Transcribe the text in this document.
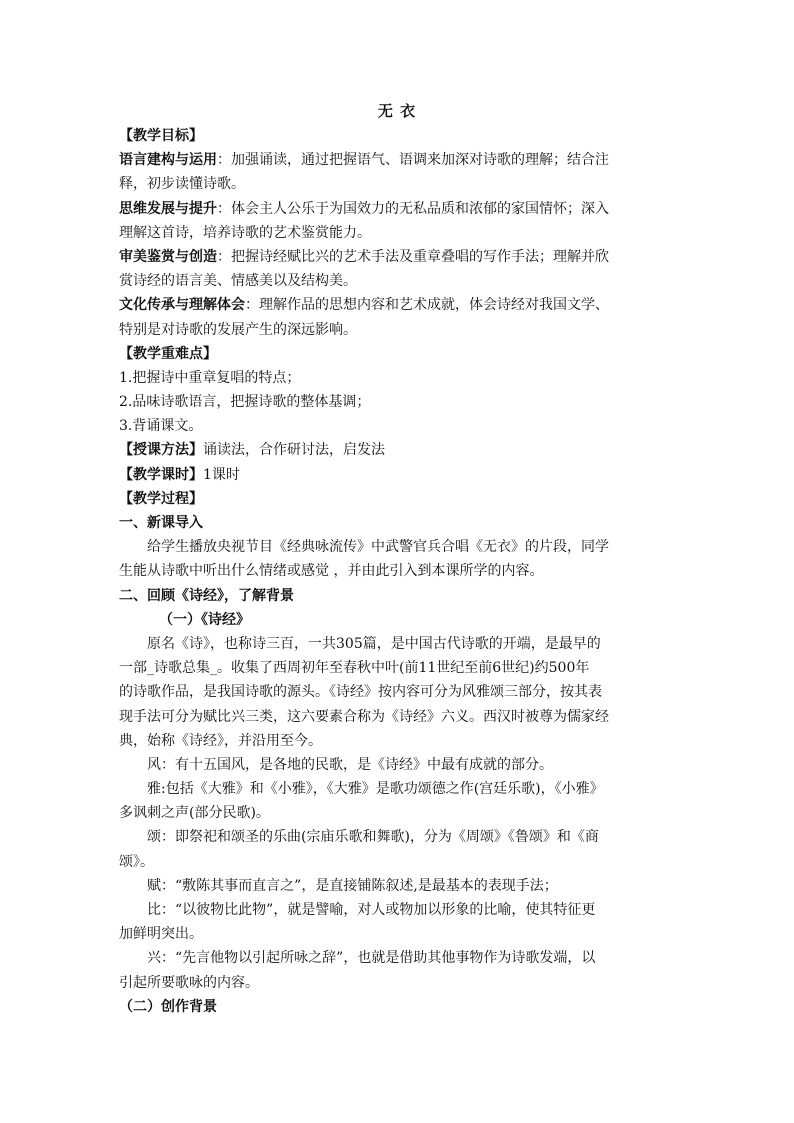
无 衣

【教学目标】

语言建构与运用：加强诵读，通过把握语气、语调来加深对诗歌的理解；结合注

释，初步读懂诗歌。

思维发展与提升：体会主人公乐于为国效力的无私品质和浓郁的家国情怀；深入

理解这首诗，培养诗歌的艺术鉴赏能力。

审美鉴赏与创造：把握诗经赋比兴的艺术手法及重章叠唱的写作手法；理解并欣

赏诗经的语言美、情感美以及结构美。

文化传承与理解体会：理解作品的思想内容和艺术成就，体会诗经对我国文学、

特别是对诗歌的发展产生的深远影响。

【教学重难点】

1.把握诗中重章复唱的特点；

2.品味诗歌语言，把握诗歌的整体基调；

3.背诵课文。

【授课方法】诵读法，合作研讨法，启发法

【教学课时】1课时

【教学过程】

一、新课导入

给学生播放央视节目《经典咏流传》中武警官兵合唱《无衣》的片段，同学

生能从诗歌中听出什么情绪或感觉 ，并由此引入到本课所学的内容。

二、回顾《诗经》，了解背景

（一）《诗经》

原名《诗》，也称诗三百，一共305篇，是中国古代诗歌的开端，是最早的

一部_诗歌总集_。收集了西周初年至春秋中叶(前11世纪至前6世纪)约500年

的诗歌作品，是我国诗歌的源头。《诗经》按内容可分为风雅颂三部分，按其表

现手法可分为赋比兴三类，这六要素合称为《诗经》六义。西汉时被尊为儒家经

典，始称《诗经》，并沿用至今。

风：有十五国风，是各地的民歌，是《诗经》中最有成就的部分。

雅:包括《大雅》和《小雅》，《大雅》是歌功颂德之作(宫廷乐歌)，《小雅》

多讽刺之声(部分民歌)。

颂：即祭祀和颂圣的乐曲(宗庙乐歌和舞歌)，分为《周颂》《鲁颂》和《商

颂》。

赋：“敷陈其事而直言之”，是直接铺陈叙述,是最基本的表现手法；

比：“以彼物比此物”，就是譬喻，对人或物加以形象的比喻，使其特征更

加鲜明突出。

兴：“先言他物以引起所咏之辞”，也就是借助其他事物作为诗歌发端，以

引起所要歌咏的内容。

（二）创作背景
